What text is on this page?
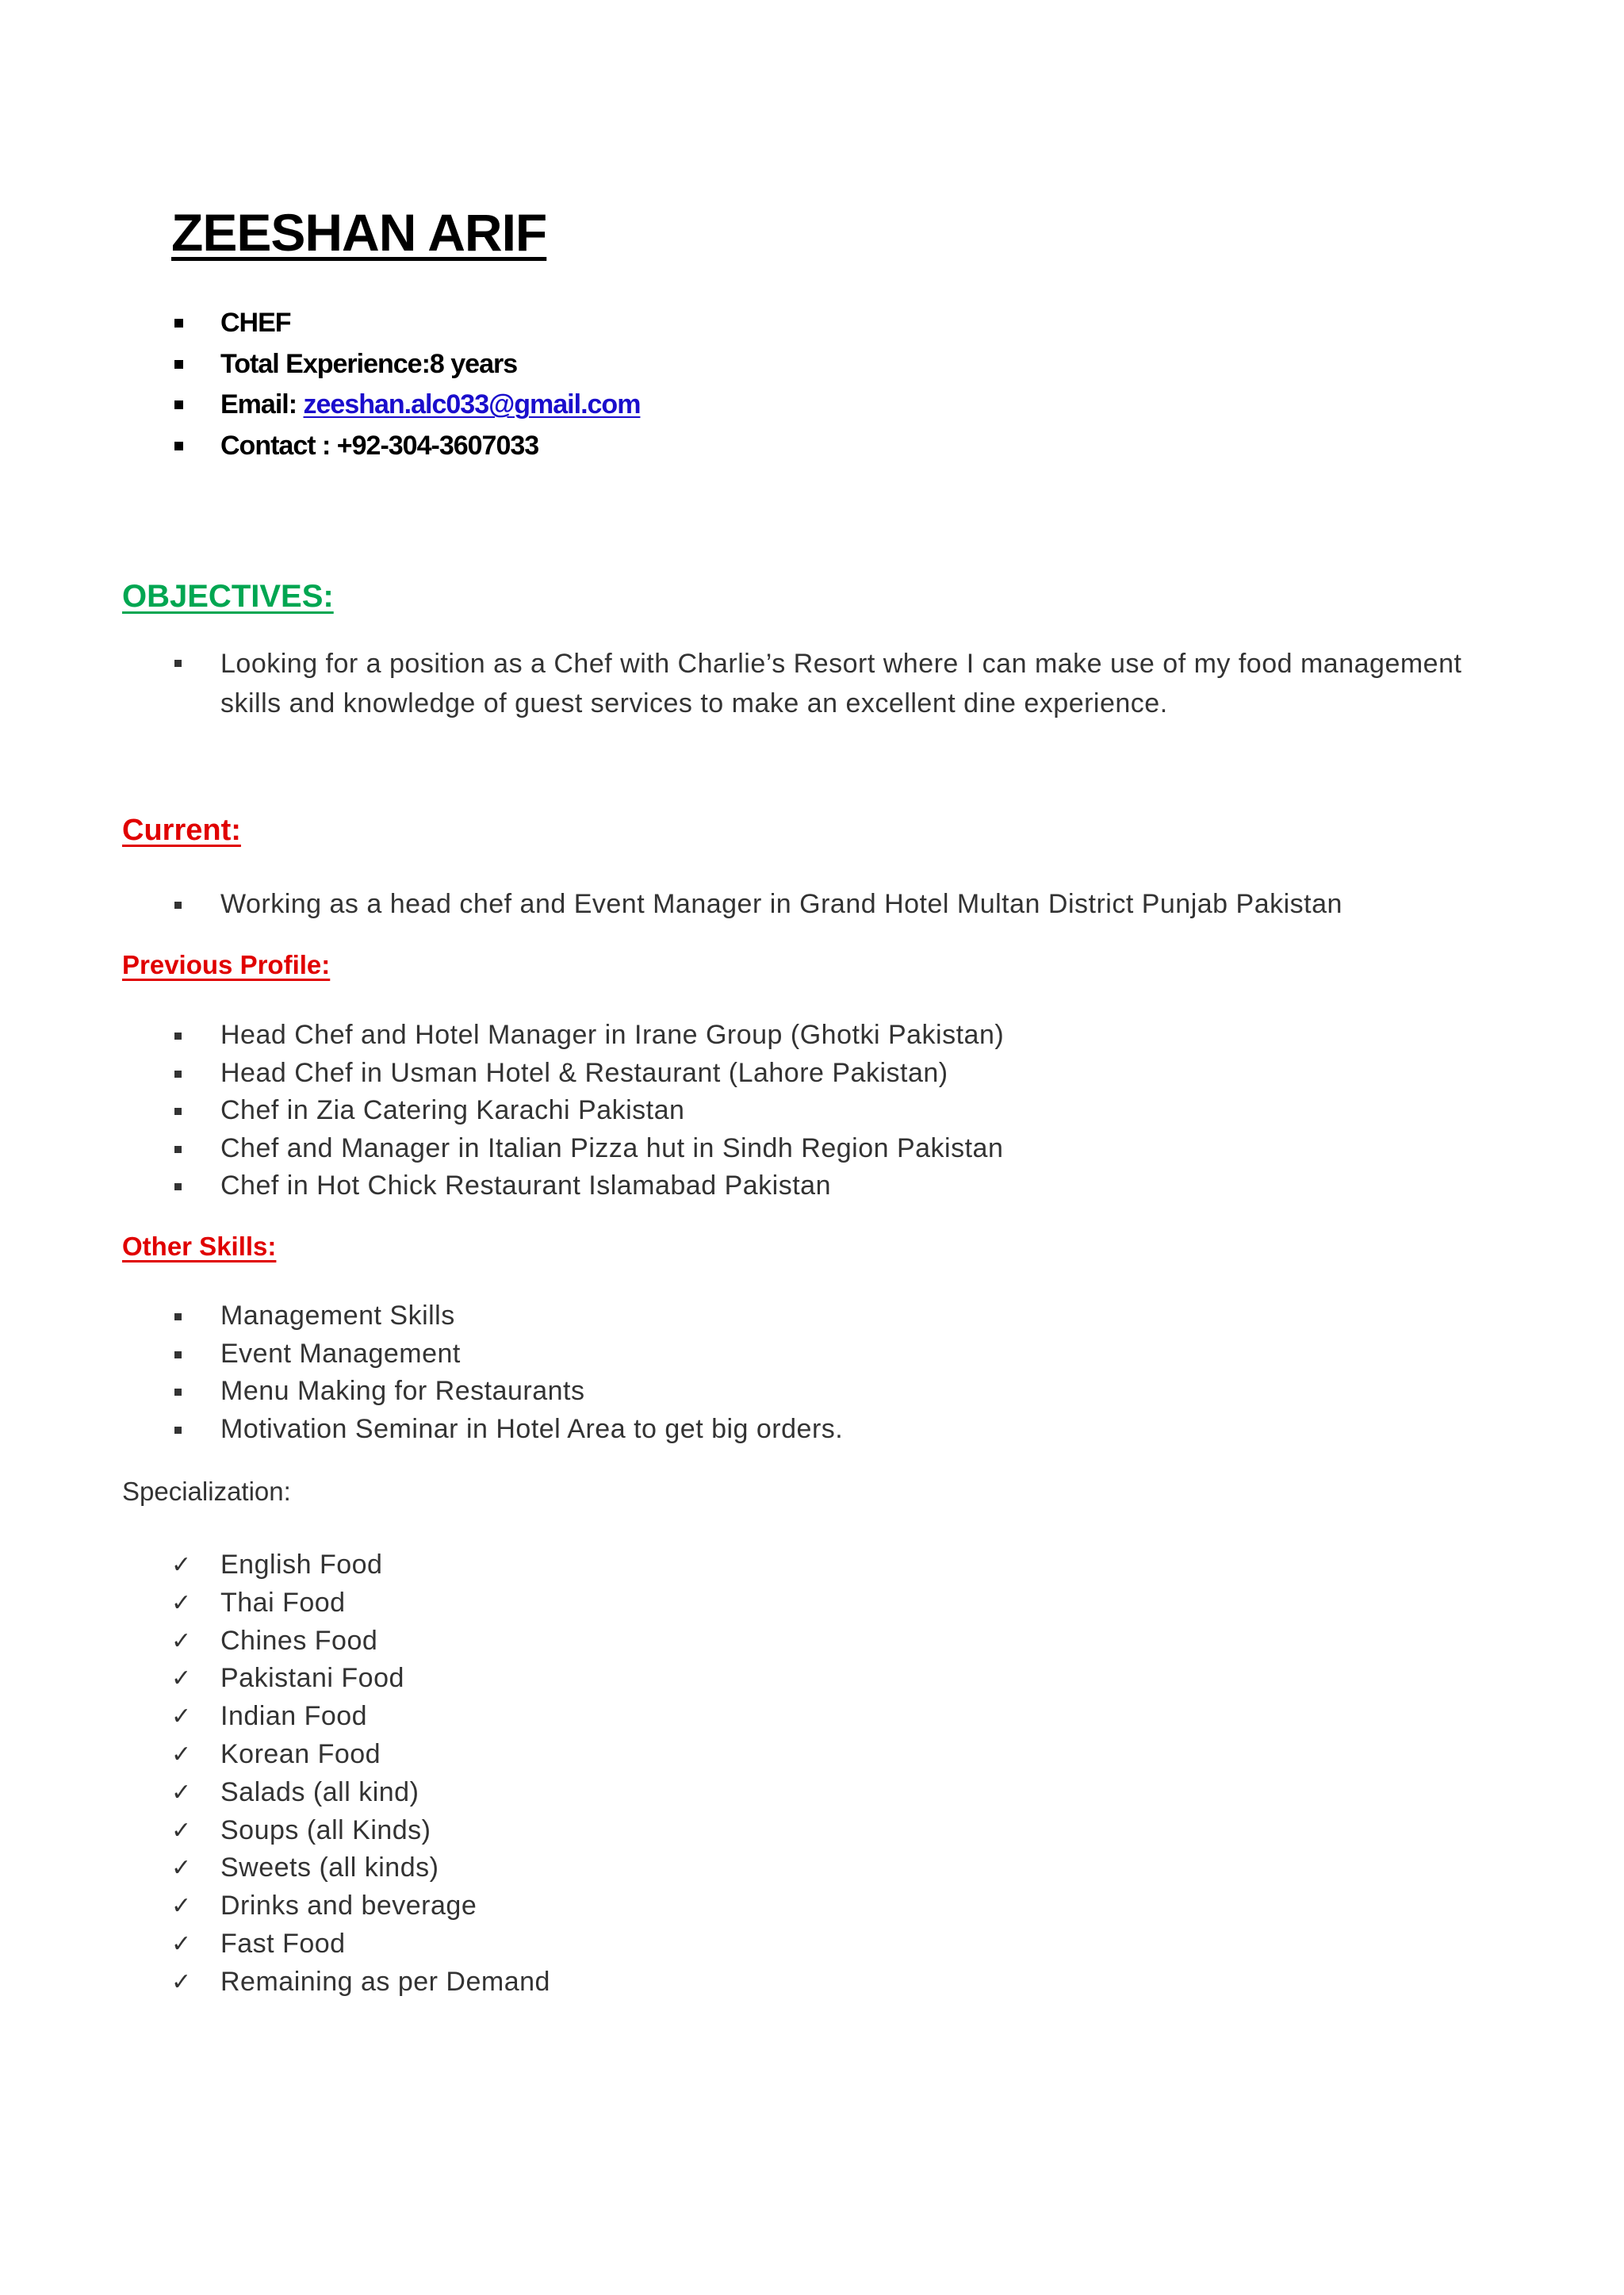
ZEESHAN ARIF
CHEF
Total Experience:8 years
Email: zeeshan.alc033@gmail.com
Contact : +92-304-3607033
OBJECTIVES:
Looking for a position as a Chef with Charlie’s Resort where I can make use of my food management skills and knowledge of guest services to make an excellent dine experience.
Current:
Working as a head chef and Event Manager in Grand Hotel Multan District Punjab Pakistan
Previous Profile:
Head Chef and Hotel Manager in Irane Group (Ghotki Pakistan)
Head Chef in Usman Hotel & Restaurant (Lahore Pakistan)
Chef in Zia Catering Karachi Pakistan
Chef and Manager in Italian Pizza hut in Sindh Region Pakistan
Chef in Hot Chick Restaurant Islamabad Pakistan
Other Skills:
Management Skills
Event Management
Menu Making for Restaurants
Motivation Seminar in Hotel Area to get big orders.
Specialization:
✓ English Food
✓ Thai Food
✓ Chines Food
✓ Pakistani Food
✓ Indian Food
✓ Korean Food
✓ Salads (all kind)
✓ Soups (all Kinds)
✓ Sweets (all kinds)
✓ Drinks and beverage
✓ Fast Food
✓ Remaining as per Demand
